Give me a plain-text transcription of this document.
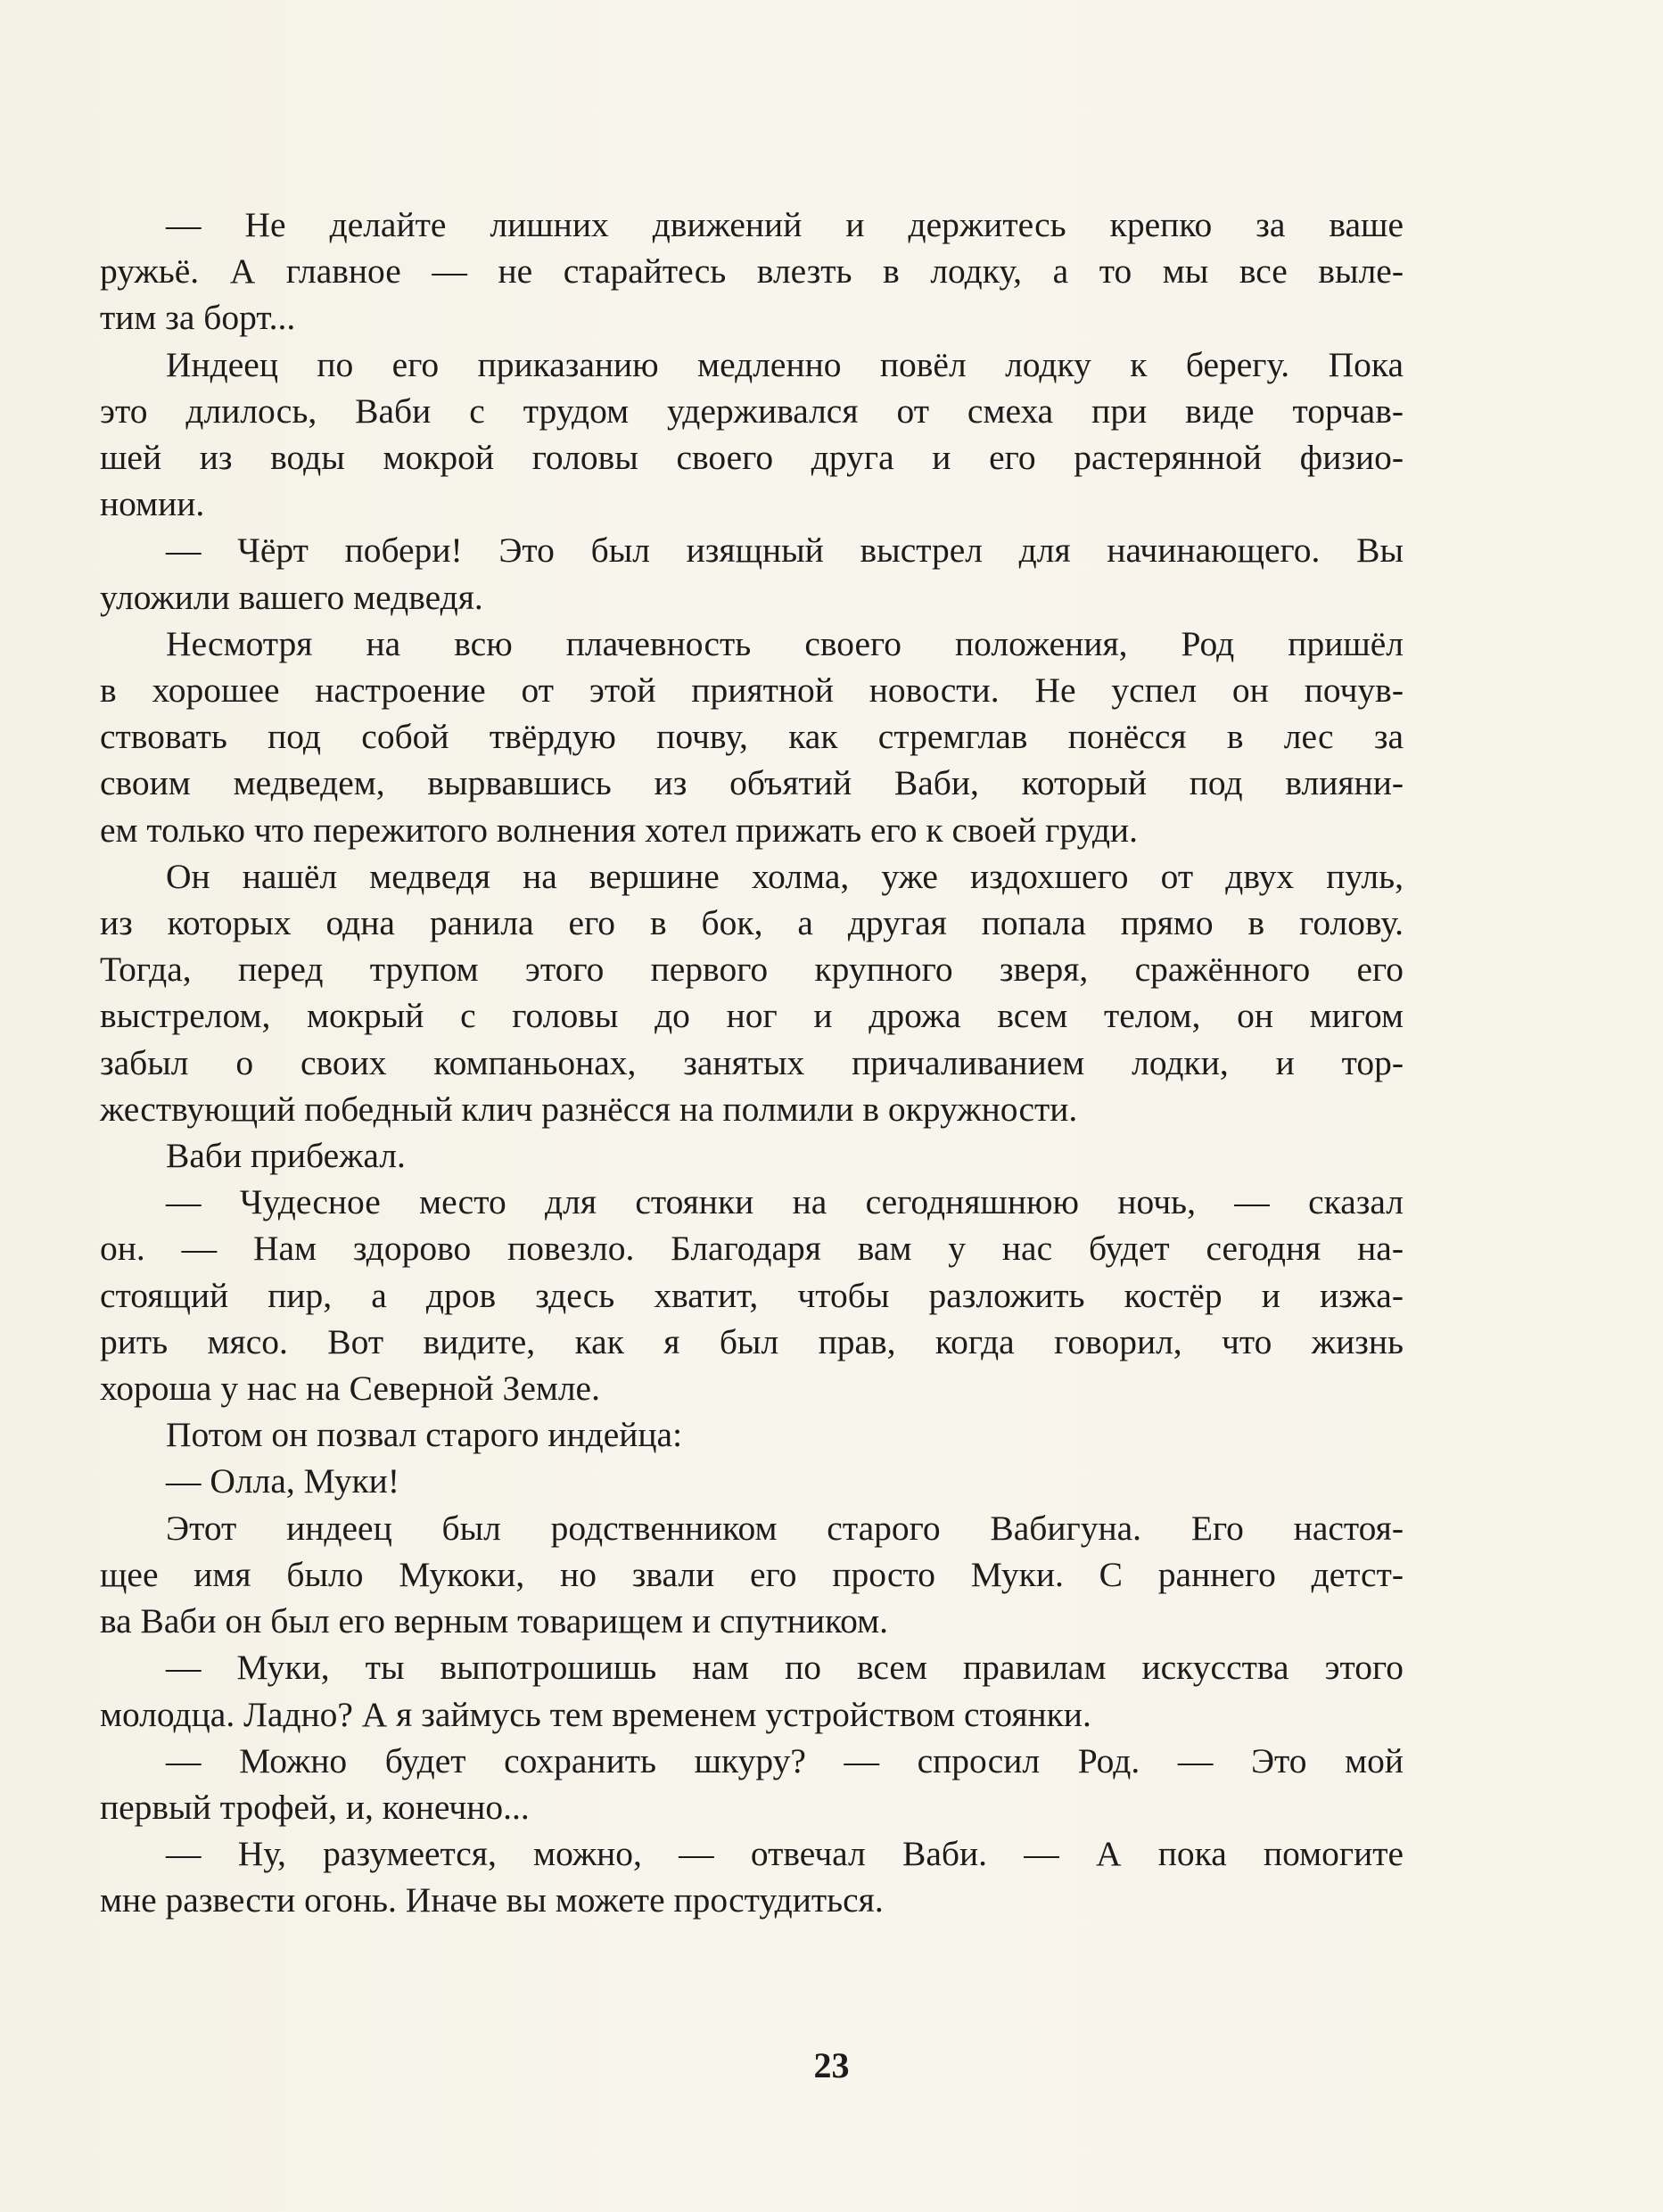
— Не делайте лишних движений и держитесь крепко за ваше
ружьё. А главное — не старайтесь влезть в лодку, а то мы все выле-
тим за борт...
Индеец по его приказанию медленно повёл лодку к берегу. Пока
это длилось, Ваби с трудом удерживался от смеха при виде торчав-
шей из воды мокрой головы своего друга и его растерянной физио-
номии.
— Чёрт побери! Это был изящный выстрел для начинающего. Вы
уложили вашего медведя.
Несмотря на всю плачевность своего положения, Род пришёл
в хорошее настроение от этой приятной новости. Не успел он почув-
ствовать под собой твёрдую почву, как стремглав понёсся в лес за
своим медведем, вырвавшись из объятий Ваби, который под влияни-
ем только что пережитого волнения хотел прижать его к своей груди.
Он нашёл медведя на вершине холма, уже издохшего от двух пуль,
из которых одна ранила его в бок, а другая попала прямо в голову.
Тогда, перед трупом этого первого крупного зверя, сражённого его
выстрелом, мокрый с головы до ног и дрожа всем телом, он мигом
забыл о своих компаньонах, занятых причаливанием лодки, и тор-
жествующий победный клич разнёсся на полмили в окружности.
Ваби прибежал.
— Чудесное место для стоянки на сегодняшнюю ночь, — сказал
он. — Нам здорово повезло. Благодаря вам у нас будет сегодня на-
стоящий пир, а дров здесь хватит, чтобы разложить костёр и изжа-
рить мясо. Вот видите, как я был прав, когда говорил, что жизнь
хороша у нас на Северной Земле.
Потом он позвал старого индейца:
— Олла, Муки!
Этот индеец был родственником старого Вабигуна. Его настоя-
щее имя было Мукоки, но звали его просто Муки. С раннего детст-
ва Ваби он был его верным товарищем и спутником.
— Муки, ты выпотрошишь нам по всем правилам искусства этого
молодца. Ладно? А я займусь тем временем устройством стоянки.
— Можно будет сохранить шкуру? — спросил Род. — Это мой
первый трофей, и, конечно...
— Ну, разумеется, можно, — отвечал Ваби. — А пока помогите
мне развести огонь. Иначе вы можете простудиться.
23
